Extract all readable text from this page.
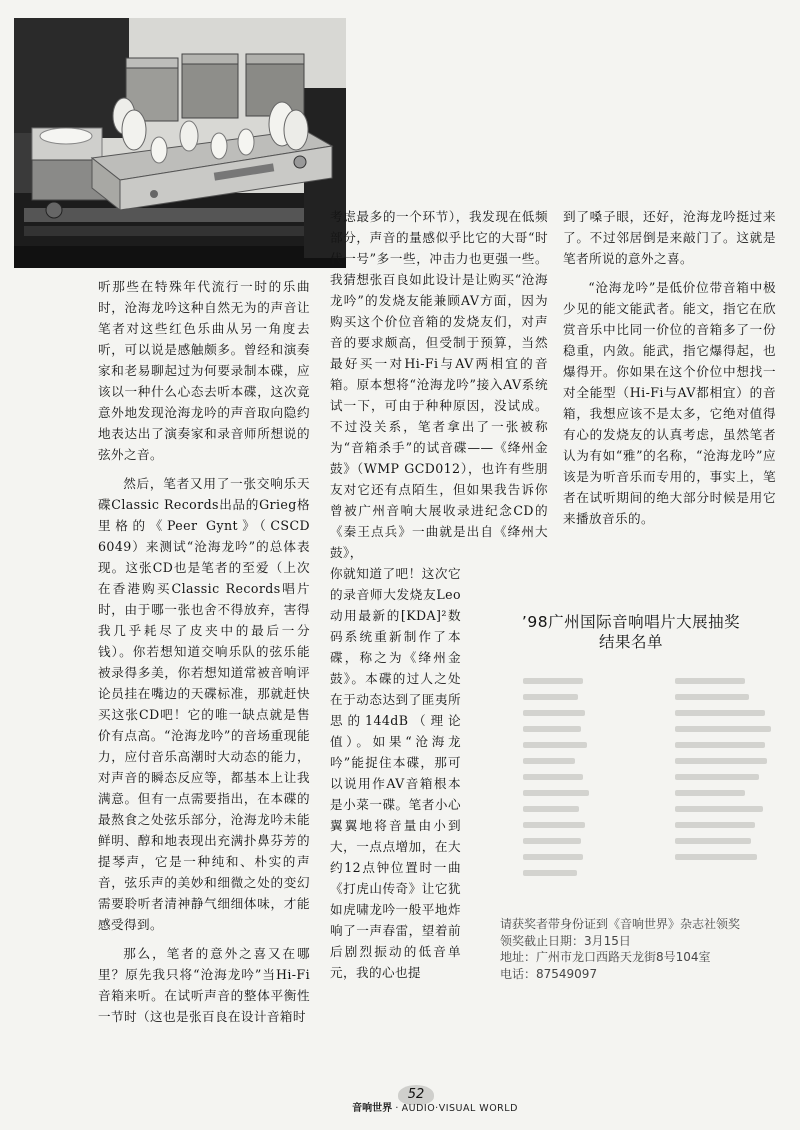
听那些在特殊年代流行一时的乐曲时，沧海龙吟这种自然无为的声音让笔者对这些红色乐曲从另一角度去听，可以说是感触颇多。曾经和演奏家和老易聊起过为何要录制本碟，应该以一种什么心态去听本碟，这次竟意外地发现沧海龙吟的声音取向隐约地表达出了演奏家和录音师所想说的弦外之音。

然后，笔者又用了一张交响乐天碟Classic Records出品的Grieg格里格的《Peer Gynt》（CSCD 6049）来测试“沧海龙吟”的总体表现。这张CD也是笔者的至爱（上次在香港购买Classic Records唱片时，由于哪一张也舍不得放弃，害得我几乎耗尽了皮夹中的最后一分钱）。你若想知道交响乐队的弦乐能被录得多美，你若想知道常被音响评论员挂在嘴边的天碟标准，那就赶快买这张CD吧！它的唯一缺点就是售价有点高。“沧海龙吟”的音场重现能力，应付音乐高潮时大动态的能力，对声音的瞬态反应等，都基本上让我满意。但有一点需要指出，在本碟的最熬食之处弦乐部分，沧海龙吟未能鲜明、醇和地表现出充满扑鼻芬芳的提琴声，它是一种纯和、朴实的声音，弦乐声的美妙和细微之处的变幻需要聆听者清神静气细细体味，才能感受得到。

那么，笔者的意外之喜又在哪里？原先我只将“沧海龙吟”当Hi-Fi音箱来听。在试听声音的整体平衡性一节时（这也是张百良在设计音箱时

考虑最多的一个环节），我发现在低频部分，声音的量感似乎比它的大哥“时代一号”多一些，冲击力也更强一些。我猜想张百良如此设计是让购买“沧海龙吟”的发烧友能兼顾AV方面，因为购买这个价位音箱的发烧友们，对声音的要求颇高，但受制于预算，当然最好买一对Hi-Fi与AV两相宜的音箱。原本想将“沧海龙吟”接入AV系统试一下，可由于种种原因，没试成。不过没关系，笔者拿出了一张被称为“音箱杀手”的试音碟——《绛州金鼓》（WMP GCD012），也许有些朋友对它还有点陌生，但如果我告诉你曾被广州音响大展收录进纪念CD的《秦王点兵》一曲就是出自《绛州大鼓》，

你就知道了吧！这次它的录音师大发烧友Leo动用最新的[KDA]²数码系统重新制作了本碟，称之为《绛州金鼓》。本碟的过人之处在于动态达到了匪夷所思的144dB（理论值）。如果“沧海龙吟”能捉住本碟，那可以说用作AV音箱根本是小菜一碟。笔者小心翼翼地将音量由小到大，一点点增加，在大约12点钟位置时一曲《打虎山传奇》让它犹如虎啸龙吟一般平地炸响了一声春雷，望着前后剧烈振动的低音单元，我的心也提

到了嗓子眼，还好，沧海龙吟挺过来了。不过邻居倒是来敲门了。这就是笔者所说的意外之喜。

“沧海龙吟”是低价位带音箱中极少见的能文能武者。能文，指它在欣赏音乐中比同一价位的音箱多了一份稳重，内敛。能武，指它爆得起，也爆得开。你如果在这个价位中想找一对全能型（Hi-Fi与AV都相宜）的音箱，我想应该不是太多，它绝对值得有心的发烧友的认真考虑，虽然笔者认为有如“雅”的名称，“沧海龙吟”应该是为听音乐而专用的，事实上，笔者在试听期间的绝大部分时候是用它来播放音乐的。

’98广州国际音响唱片大展抽奖
结果名单
请获奖者带身份证到《音响世界》杂志社领奖
领奖截止日期：3月15日
地址：广州市龙口西路天龙街8号104室
电话：87549097
52
音响世界 · AUDIO·VISUAL WORLD
